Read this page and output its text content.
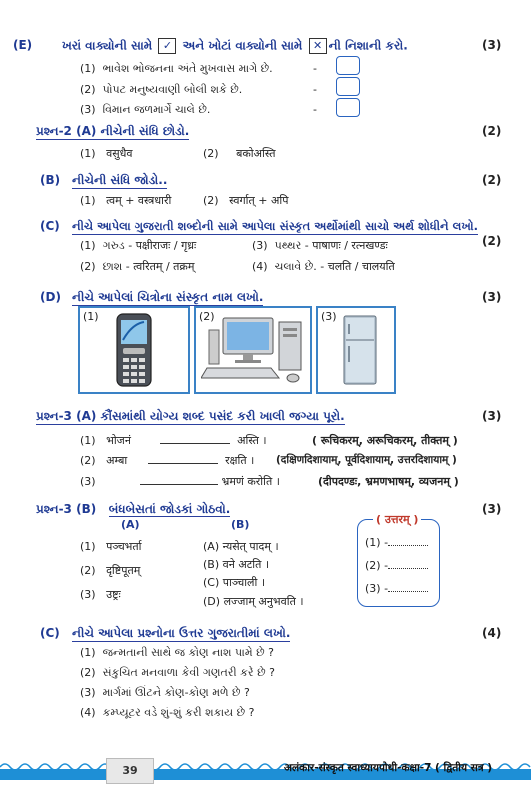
(E) ખરાં વાક્યોની સામે ✓ અને ખોટાં વાક્યોની સામે ✕ ની નિશાની કરો.	(3)
(1) ભાવેશ ભોજનના અંતે મુખવાસ માગે છે.	-
(2) પોપટ મનુષ્યવાણી બોલી શકે છે.	-
(3) વિમાન જળમાર્ગે ચાલે છે.	-
પ્રશ્ન-2 (A) નીચેની સંધિ છોડો.	(2)
(1) वसुधैव	(2) बकोअस्ति
(B) નીચેની સંધિ જોડો..	(2)
(1) त्वम् + वस्त्रधारी	(2) स्वर्गात् + अपि
(C) નીચે આપેલા ગુજરાતી શબ્દોની સામે આપેલા સંસ્કૃત અર્થોમાંથી સાચો અર્થ શોધીને લખો.
(2)
(1) ગરુડ - पक्षीराजः / गृध्रः	(3) પથ્થર - पाषाणः / रत्नखण्डः
(2) છાશ - त्वरितम् / तक्रम्	(4) ચલાવે છે. - चलति / चालयति
(D) નીચે આપેલાં ચિત્રોના સંસ્કૃત નામ લખો.	(3)
(1)	(2)	(3)
પ્રશ્ન-3 (A) કૌંસમાંથી યોગ્ય શબ્દ પસંદ કરી ખાલી જગ્યા પૂરો.	(3)
(1) भोजनं	अस्ति ।	( रूचिकरम्, अरूचिकरम्, तीक्तम् )
(2) अम्बा	रक्षति । (दक्षिणदिशायाम्, पूर्वदिशायाम्, उत्तरदिशायाम् )
(3)	भ्रमणं करोति ।	(दीपदण्डः, भ्रमणभाषम्, व्यजनम् )
પ્રશ્ન-3 (B) બંધબેસતાં જોડકાં ગોઠવો.	(3)
(A)	(B)
(1) पञ्चभर्ता
(2) दृष्टिपूतम्
(3) उष्ट्रः
(A) न्यसेत् पादम् ।
(B) वने अटति ।
(C) पाञ्चाली ।
(D) लज्जाम् अनुभवति ।
( उत्तरम् )
(1) -
(2) -
(3) -
(C) નીચે આપેલા પ્રશ્નોના ઉત્તર ગુજરાતીમાં લખો.	(4)
(1) જન્મતાની સાથે જ કોણ નાશ પામે છે ?
(2) સંકુચિત મનવાળા કેવી ગણતરી કરે છે ?
(3) માર્ગમાં ઊંટને કોણ-કોણ મળે છે ?
(4) કમ્પ્યૂટર વડે શું-શું કરી શકાય છે ?
39	अलंकार-संस्कृत स्वाध्यायपोथी-कक्षा-7 ( द्वितीय सत्र )
